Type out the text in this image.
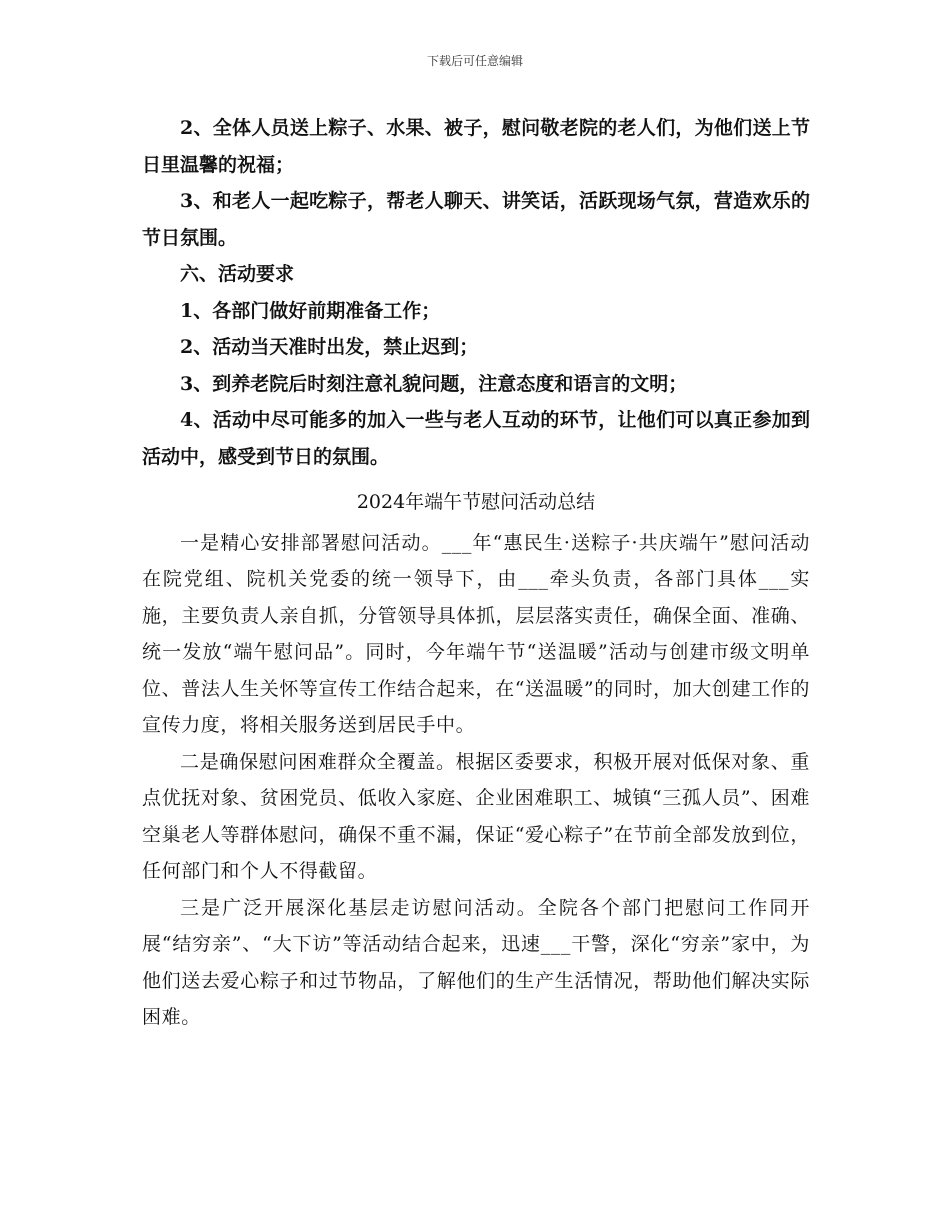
下载后可任意编辑

2、全体人员送上粽子、水果、被子，慰问敬老院的老人们，为他们送上节日里温馨的祝福；

3、和老人一起吃粽子，帮老人聊天、讲笑话，活跃现场气氛，营造欢乐的节日氛围。

六、活动要求

1、各部门做好前期准备工作；

2、活动当天准时出发，禁止迟到；

3、到养老院后时刻注意礼貌问题，注意态度和语言的文明；

4、活动中尽可能多的加入一些与老人互动的环节，让他们可以真正参加到活动中，感受到节日的氛围。

2024年端午节慰问活动总结

一是精心安排部署慰问活动。___年“惠民生·送粽子·共庆端午”慰问活动在院党组、院机关党委的统一领导下，由___牵头负责，各部门具体___实施，主要负责人亲自抓，分管领导具体抓，层层落实责任，确保全面、准确、统一发放“端午慰问品”。同时，今年端午节“送温暖”活动与创建市级文明单位、普法人生关怀等宣传工作结合起来，在“送温暖”的同时，加大创建工作的宣传力度，将相关服务送到居民手中。

二是确保慰问困难群众全覆盖。根据区委要求，积极开展对低保对象、重点优抚对象、贫困党员、低收入家庭、企业困难职工、城镇“三孤人员”、困难空巢老人等群体慰问，确保不重不漏，保证“爱心粽子”在节前全部发放到位，任何部门和个人不得截留。

三是广泛开展深化基层走访慰问活动。全院各个部门把慰问工作同开展“结穷亲”、“大下访”等活动结合起来，迅速___干警，深化“穷亲”家中，为他们送去爱心粽子和过节物品，了解他们的生产生活情况，帮助他们解决实际困难。
